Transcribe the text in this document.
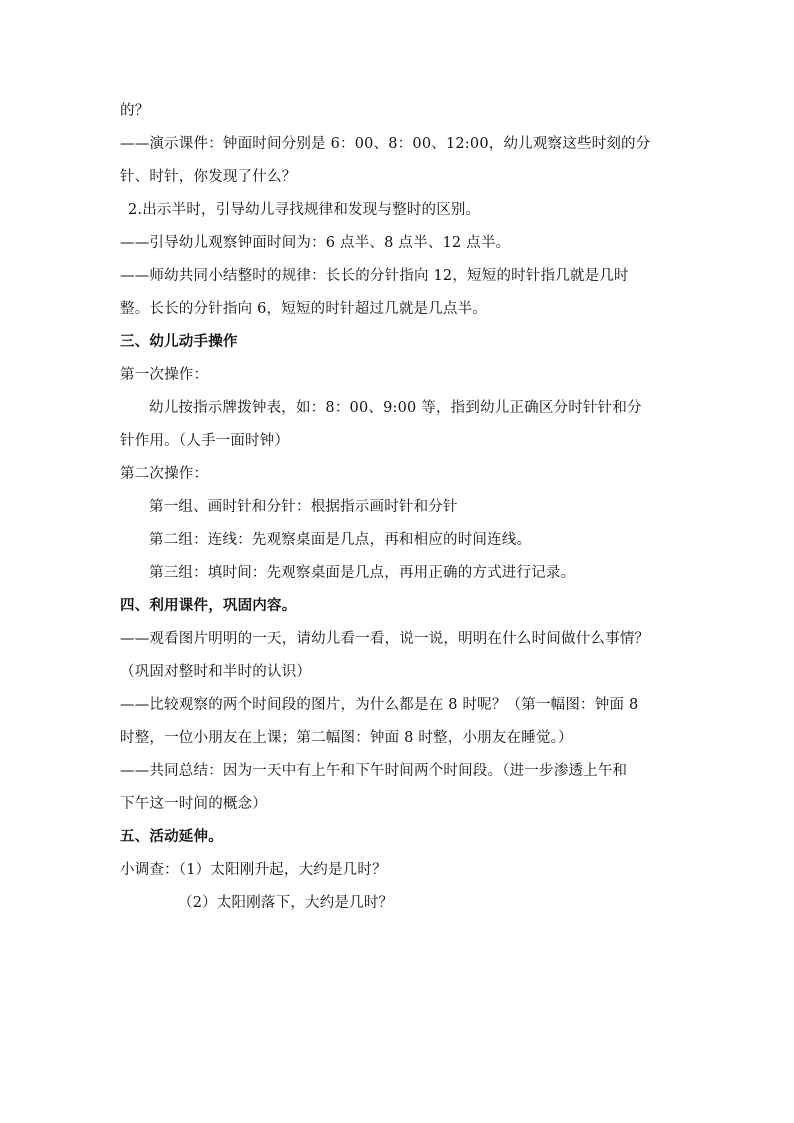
的？
——演示课件：钟面时间分别是 6：00、8：00、12:00，幼儿观察这些时刻的分
针、时针，你发现了什么？
2.出示半时，引导幼儿寻找规律和发现与整时的区别。
——引导幼儿观察钟面时间为：6 点半、8 点半、12 点半。
——师幼共同小结整时的规律：长长的分针指向 12，短短的时针指几就是几时
整。长长的分针指向 6，短短的时针超过几就是几点半。
三、幼儿动手操作
第一次操作：
幼儿按指示牌拨钟表，如：8：00、9:00 等，指到幼儿正确区分时针针和分
针作用。（人手一面时钟）
第二次操作：
第一组、画时针和分针：根据指示画时针和分针
第二组：连线：先观察桌面是几点，再和相应的时间连线。
第三组：填时间：先观察桌面是几点，再用正确的方式进行记录。
四、利用课件，巩固内容。
——观看图片明明的一天，请幼儿看一看，说一说，明明在什么时间做什么事情？
（巩固对整时和半时的认识）
——比较观察的两个时间段的图片，为什么都是在 8 时呢？（第一幅图：钟面 8
时整，一位小朋友在上课；第二幅图：钟面 8 时整，小朋友在睡觉。）
——共同总结：因为一天中有上午和下午时间两个时间段。（进一步渗透上午和
下午这一时间的概念）
五、活动延伸。
小调查：（1）太阳刚升起，大约是几时？
（2）太阳刚落下，大约是几时？
